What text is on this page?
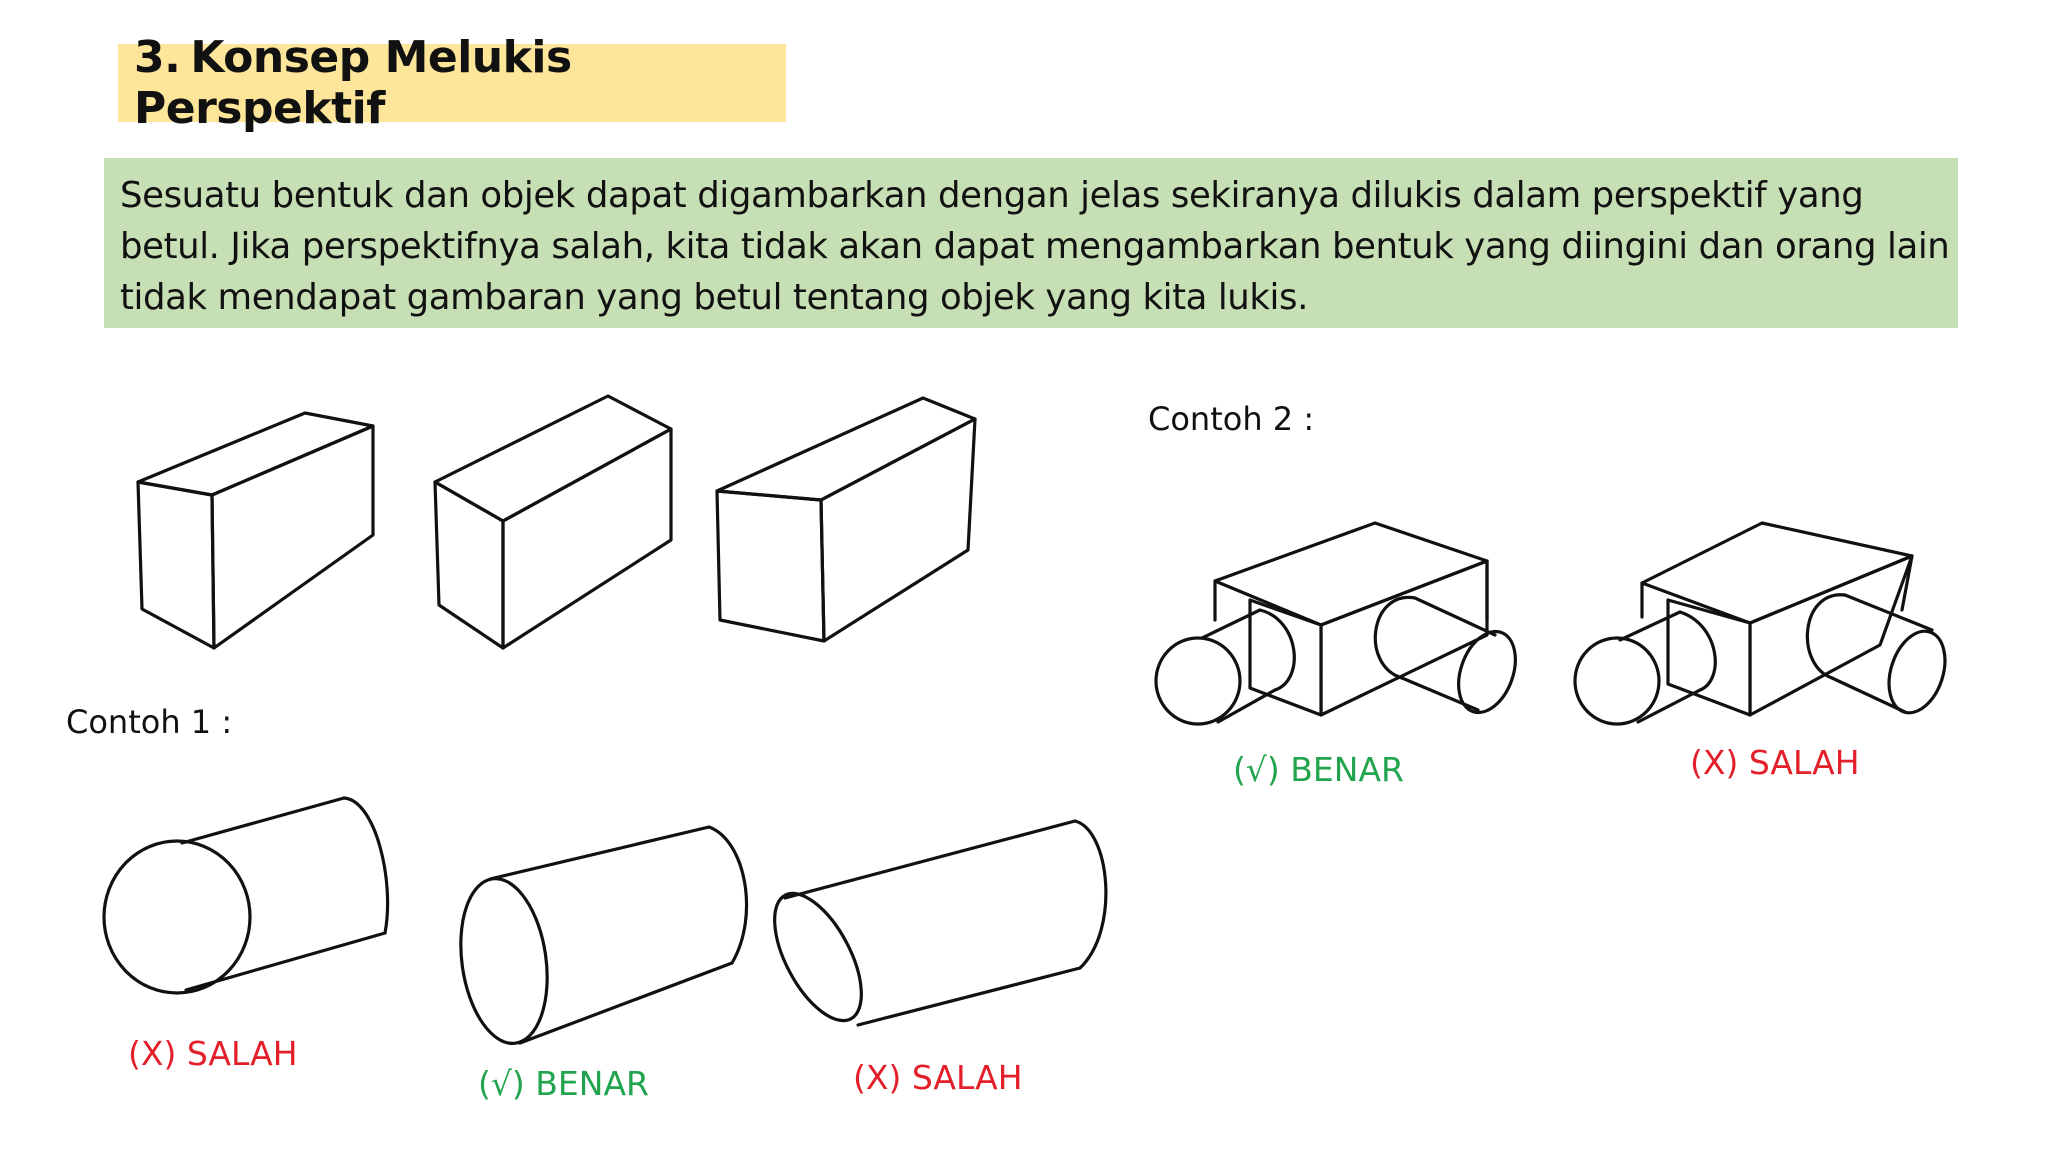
3. Konsep Melukis Perspektif

Sesuatu bentuk dan objek dapat digambarkan dengan jelas sekiranya dilukis dalam perspektif yang betul. Jika perspektifnya salah, kita tidak akan dapat mengambarkan bentuk yang diingini dan orang lain tidak mendapat gambaran yang betul tentang objek yang kita lukis.

Contoh 2 :
Contoh 1 :
(X) SALAH
(√) BENAR	(X) SALAH
(√) BENAR	(X) SALAH
